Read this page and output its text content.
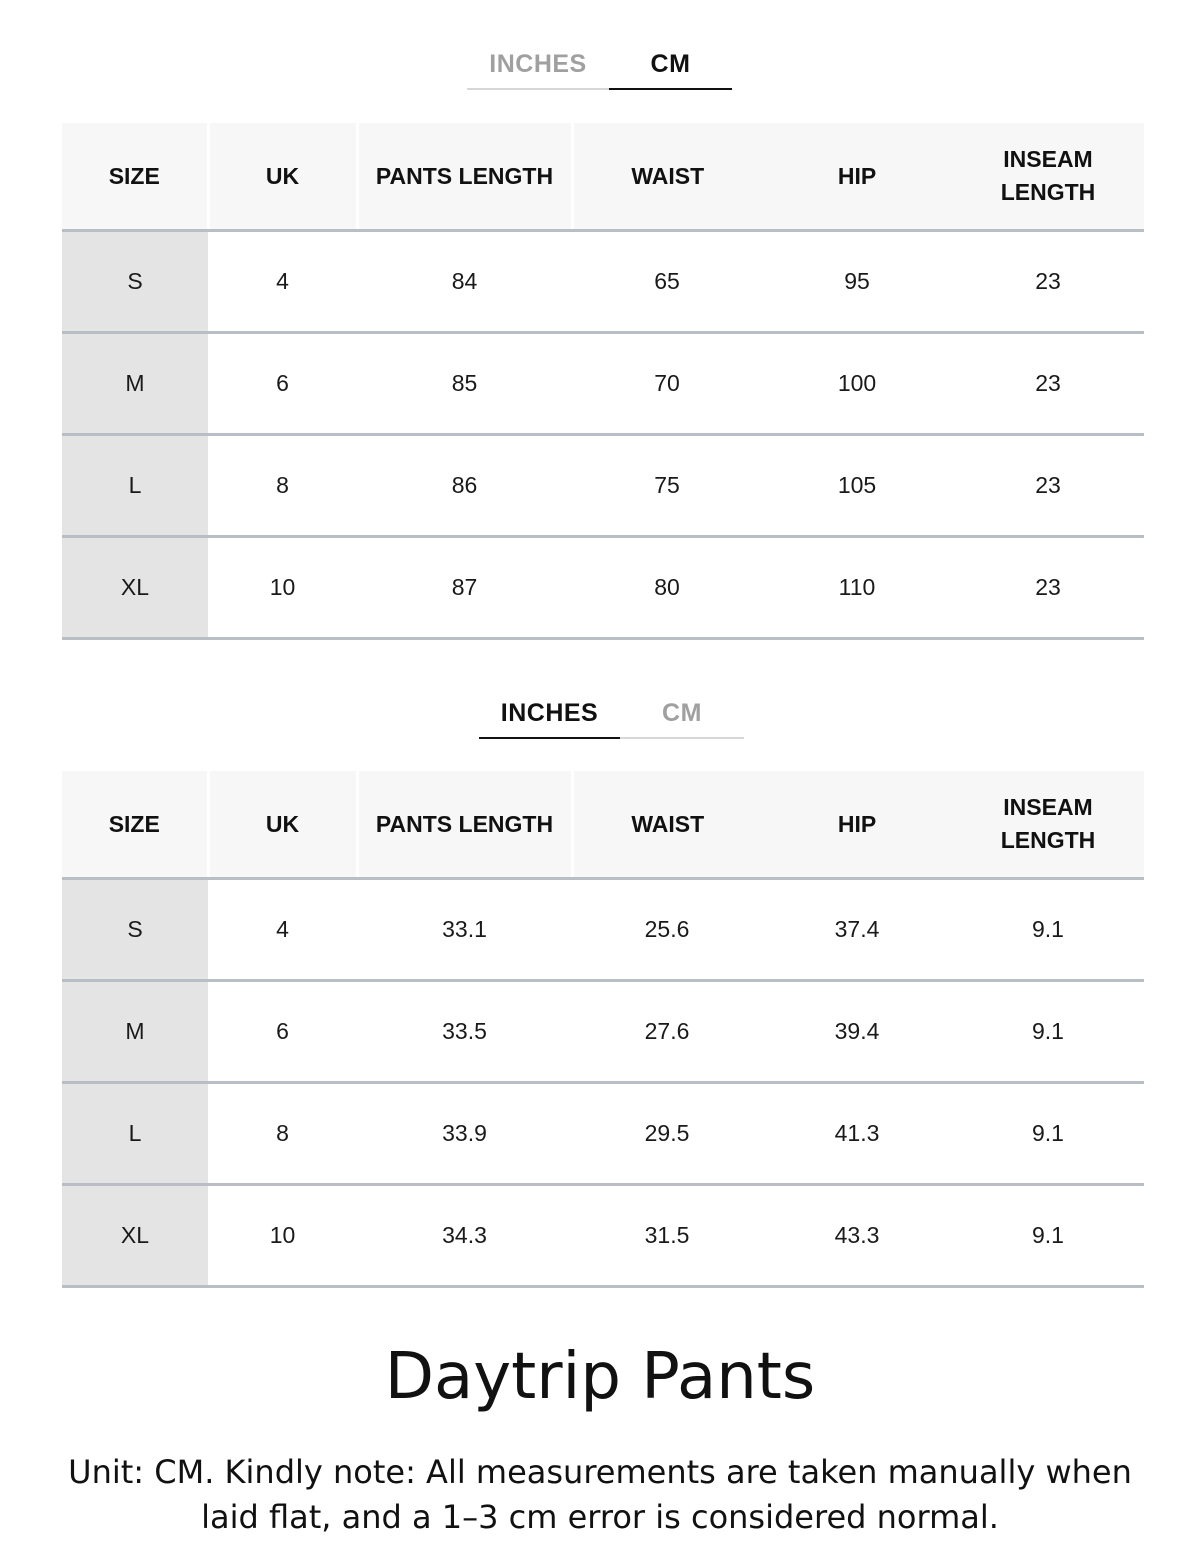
INCHES	CM
SIZE	UK	PANTS LENGTH	WAIST	HIP	INSEAM LENGTH
S	4	84	65	95	23
M	6	85	70	100	23
L	8	86	75	105	23
XL	10	87	80	110	23
INCHES	CM
SIZE	UK	PANTS LENGTH	WAIST	HIP	INSEAM LENGTH
S	4	33.1	25.6	37.4	9.1
M	6	33.5	27.6	39.4	9.1
L	8	33.9	29.5	41.3	9.1
XL	10	34.3	31.5	43.3	9.1
Daytrip Pants
Unit: CM. Kindly note: All measurements are taken manually when laid flat, and a 1–3 cm error is considered normal.
